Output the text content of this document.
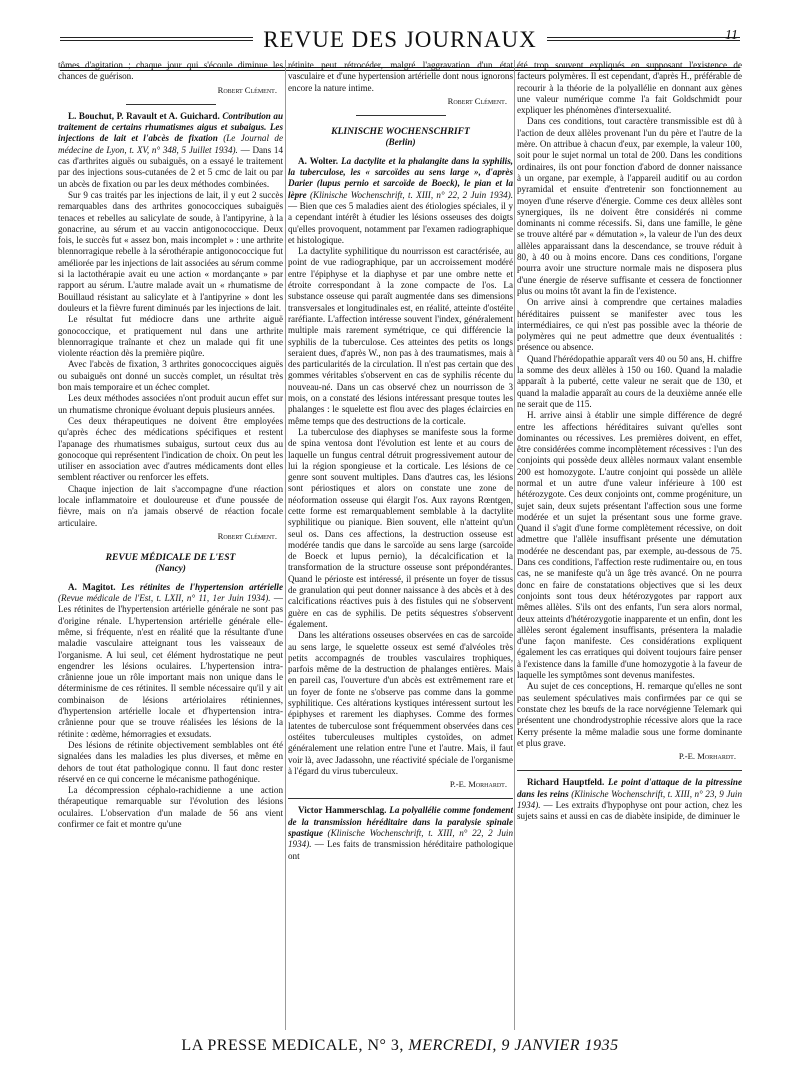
REVUE DES JOURNAUX	11

tômes d'agitation ; chaque jour qui s'écoule diminue les chances de guérison.

Robert Clément.

L. Bouchut, P. Ravault et A. Guichard. Contribution au traitement de certains rhumatismes aigus et subaigus. Les injections de lait et l'abcès de fixation (Le Journal de médecine de Lyon, t. XV, n° 348, 5 Juillet 1934). — Dans 14 cas d'arthrites aiguës ou subaiguës, on a essayé le traitement par des injections sous-cutanées de 2 et 5 cmc de lait ou par un abcès de fixation ou par les deux méthodes combinées.

Sur 9 cas traités par les injections de lait, il y eut 2 succès remarquables dans des arthrites gonococciques subaiguës tenaces et rebelles au salicylate de soude, à l'antipyrine, à la gonacrine, au sérum et au vaccin antigonococcique. Deux fois, le succès fut « assez bon, mais incomplet » : une arthrite blennorragique rebelle à la sérothérapie antigonococcique fut améliorée par les injections de lait associées au sérum comme si la lactothérapie avait eu une action « mordançante » par rapport au sérum. L'autre malade avait un « rhumatisme de Bouillaud résistant au salicylate et à l'antipyrine » dont les douleurs et la fièvre furent diminués par les injections de lait.

Le résultat fut médiocre dans une arthrite aiguë gonococcique, et pratiquement nul dans une arthrite blennorragique traînante et chez un malade qui fit une violente réaction dès la première piqûre.

Avec l'abcès de fixation, 3 arthrites gonococciques aiguës ou subaiguës ont donné un succès complet, un résultat très bon mais temporaire et un échec complet.

Les deux méthodes associées n'ont produit aucun effet sur un rhumatisme chronique évoluant depuis plusieurs années.

Ces deux thérapeutiques ne doivent être employées qu'après échec des médications spécifiques et restent l'apanage des rhumatismes subaigus, surtout ceux dus au gonocoque qui représentent l'indication de choix. On peut les utiliser en association avec d'autres médicaments dont elles semblent réactiver ou renforcer les effets.

Chaque injection de lait s'accompagne d'une réaction locale inflammatoire et douloureuse et d'une poussée de fièvre, mais on n'a jamais observé de réaction focale articulaire.

Robert Clément.
REVUE MÉDICALE DE L'EST
(Nancy)

A. Magitot. Les rétinites de l'hypertension artérielle (Revue médicale de l'Est, t. LXII, n° 11, 1er Juin 1934). — Les rétinites de l'hypertension artérielle générale ne sont pas d'origine rénale. L'hypertension artérielle générale elle-même, si fréquente, n'est en réalité que la résultante d'une maladie vasculaire atteignant tous les vaisseaux de l'organisme. A lui seul, cet élément hydrostatique ne peut engendrer les lésions oculaires. L'hypertension intra-crânienne joue un rôle important mais non unique dans le déterminisme de ces rétinites. Il semble nécessaire qu'il y ait combinaison de lésions artériolaires rétiniennes, d'hypertension artérielle locale et d'hypertension intra-crânienne pour que se trouve réalisées les lésions de la rétinite : œdème, hémorragies et exsudats.

Des lésions de rétinite objectivement semblables ont été signalées dans les maladies les plus diverses, et même en dehors de tout état pathologique connu. Il faut donc rester réservé en ce qui concerne le mécanisme pathogénique.

La décompression céphalo-rachidienne a une action thérapeutique remarquable sur l'évolution des lésions oculaires. L'observation d'un malade de 56 ans vient confirmer ce fait et montre qu'une

rétinite peut rétrocéder, malgré l'aggravation d'un état vasculaire et d'une hypertension artérielle dont nous ignorons encore la nature intime.

Robert Clément.
KLINISCHE WOCHENSCHRIFT
(Berlin)

A. Wolter. La dactylite et la phalangite dans la syphilis, la tuberculose, les « sarcoïdes au sens large », d'après Darier (lupus pernio et sarcoïde de Boeck), le pian et la lèpre (Klinische Wochenschrift, t. XIII, n° 22, 2 Juin 1934). — Bien que ces 5 maladies aient des étiologies spéciales, il y a cependant intérêt à étudier les lésions osseuses des doigts qu'elles provoquent, notamment par l'examen radiographique et histologique.

La dactylite syphilitique du nourrisson est caractérisée, au point de vue radiographique, par un accroissement modéré entre l'épiphyse et la diaphyse et par une ombre nette et étroite correspondant à la zone compacte de l'os. La substance osseuse qui paraît augmentée dans ses dimensions transversales et longitudinales est, en réalité, atteinte d'ostéite raréfiante. L'affection intéresse souvent l'index, généralement multiple mais rarement symétrique, ce qui différencie la syphilis de la tuberculose. Ces atteintes des petits os longs seraient dues, d'après W., non pas à des traumatismes, mais à des particularités de la circulation. Il n'est pas certain que des gommes véritables s'observent en cas de syphilis récente du nouveau-né. Dans un cas observé chez un nourrisson de 3 mois, on a constaté des lésions intéressant presque toutes les phalanges : le squelette est flou avec des plages éclaircies en même temps que des destructions de la corticale.

La tuberculose des diaphyses se manifeste sous la forme de spina ventosa dont l'évolution est lente et au cours de laquelle un fungus central détruit progressivement autour de lui la région spongieuse et la corticale. Les lésions de ce genre sont souvent multiples. Dans d'autres cas, les lésions sont périostiques et alors on constate une zone de néoformation osseuse qui élargit l'os. Aux rayons Rœntgen, cette forme est remarquablement semblable à la dactylite syphilitique ou pianique. Bien souvent, elle n'atteint qu'un seul os. Dans ces affections, la destruction osseuse est modérée tandis que dans le sarcoïde au sens large (sarcoïde de Boeck et lupus pernio), la décalcification et la transformation de la structure osseuse sont prépondérantes. Quand le périoste est intéressé, il présente un foyer de tissus de granulation qui peut donner naissance à des abcès et à des calcifications réactives puis à des fistules qui ne s'observent guère en cas de syphilis. De petits séquestres s'observent également.

Dans les altérations osseuses observées en cas de sarcoïde au sens large, le squelette osseux est semé d'alvéoles très petits accompagnés de troubles vasculaires trophiques, parfois même de la destruction de phalanges entières. Mais en pareil cas, l'ouverture d'un abcès est extrêmement rare et un foyer de fonte ne s'observe pas comme dans la gomme syphilitique. Ces altérations kystiques intéressent surtout les épiphyses et rarement les diaphyses. Comme des formes latentes de tuberculose sont fréquemment observées dans ces ostéites tuberculeuses multiples cystoïdes, on admet généralement une relation entre l'une et l'autre. Mais, il faut voir là, avec Jadassohn, une réactivité spéciale de l'organisme à l'égard du virus tuberculeux.

P.-E. Morhardt.

Victor Hammerschlag. La polyallélie comme fondement de la transmission héréditaire dans la paralysie spinale spastique (Klinische Wochenschrift, t. XIII, n° 22, 2 Juin 1934). — Les faits de transmission héréditaire pathologique ont

été trop souvent expliqués en supposant l'existence de facteurs polymères. Il est cependant, d'après H., préférable de recourir à la théorie de la polyallélie en donnant aux gènes une valeur numérique comme l'a fait Goldschmidt pour expliquer les phénomènes d'intersexualité.

Dans ces conditions, tout caractère transmissible est dû à l'action de deux allèles provenant l'un du père et l'autre de la mère. On attribue à chacun d'eux, par exemple, la valeur 100, soit pour le sujet normal un total de 200. Dans les conditions ordinaires, ils ont pour fonction d'abord de donner naissance à un organe, par exemple, à l'appareil auditif ou au cordon pyramidal et ensuite d'entretenir son fonctionnement au moyen d'une réserve d'énergie. Comme ces deux allèles sont synergiques, ils ne doivent être considérés ni comme dominants ni comme récessifs. Si, dans une famille, le gène se trouve altéré par « démutation », la valeur de l'un des deux allèles apparaissant dans la descendance, se trouve réduit à 80, à 40 ou à moins encore. Dans ces conditions, l'organe pourra avoir une structure normale mais ne disposera plus d'une énergie de réserve suffisante et cessera de fonctionner plus ou moins tôt avant la fin de l'existence.

On arrive ainsi à comprendre que certaines maladies héréditaires puissent se manifester avec tous les intermédiaires, ce qui n'est pas possible avec la théorie de polymères qui ne peut admettre que deux éventualités : présence ou absence.

Quand l'hérédopathie apparaît vers 40 ou 50 ans, H. chiffre la somme des deux allèles à 150 ou 160. Quand la maladie apparaît à la puberté, cette valeur ne serait que de 130, et quand la maladie apparaît au cours de la deuxième année elle ne serait que de 115.

H. arrive ainsi à établir une simple différence de degré entre les affections héréditaires suivant qu'elles sont dominantes ou récessives. Les premières doivent, en effet, être considérées comme incomplètement récessives : l'un des conjoints qui possède deux allèles normaux valant ensemble 200 est homozygote. L'autre conjoint qui possède un allèle normal et un autre d'une valeur inférieure à 100 est hétérozygote. Ces deux conjoints ont, comme progéniture, un sujet sain, deux sujets présentant l'affection sous une forme modérée et un sujet la présentant sous une forme grave. Quand il s'agit d'une forme complètement récessive, on doit admettre que l'allèle insuffisant présente une démutation modérée ne descendant pas, par exemple, au-dessous de 75. Dans ces conditions, l'affection reste rudimentaire ou, en tous cas, ne se manifeste qu'à un âge très avancé. On ne pourra donc en faire de constatations objectives que si les deux conjoints sont tous deux hétérozygotes par rapport aux mêmes allèles. S'ils ont des enfants, l'un sera alors normal, deux atteints d'hétérozygotie inapparente et un enfin, dont les allèles seront également insuffisants, présentera la maladie d'une façon manifeste. Ces considérations expliquent également les cas erratiques qui doivent toujours faire penser à l'existence dans la famille d'une homozygotie à la faveur de laquelle les symptômes sont devenus manifestes.

Au sujet de ces conceptions, H. remarque qu'elles ne sont pas seulement spéculatives mais confirmées par ce qui se constate chez les bœufs de la race norvégienne Telemark qui présentent une chondrodystrophie récessive alors que la race Kerry présente la même maladie sous une forme dominante et plus grave.

P.-E. Morhardt.

Richard Hauptfeld. Le point d'attaque de la pitressine dans les reins (Klinische Wochenschrift, t. XIII, n° 23, 9 Juin 1934). — Les extraits d'hypophyse ont pour action, chez les sujets sains et aussi en cas de diabète insipide, de diminuer le

LA PRESSE MEDICALE, N° 3, MERCREDI, 9 JANVIER 1935
